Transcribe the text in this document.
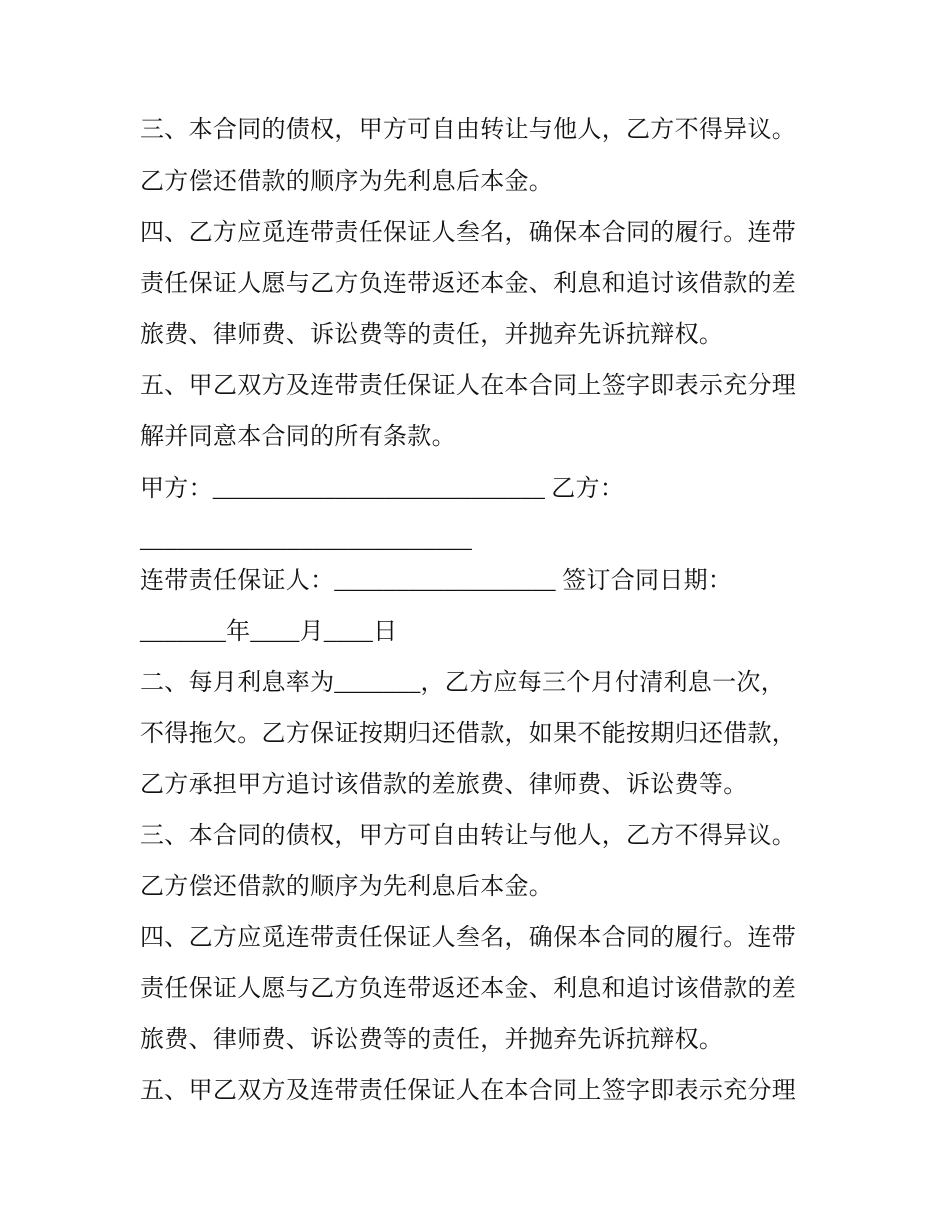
三、本合同的债权，甲方可自由转让与他人，乙方不得异议。
乙方偿还借款的顺序为先利息后本金。
四、乙方应觅连带责任保证人叁名，确保本合同的履行。连带
责任保证人愿与乙方负连带返还本金、利息和追讨该借款的差
旅费、律师费、诉讼费等的责任，并抛弃先诉抗辩权。
五、甲乙双方及连带责任保证人在本合同上签字即表示充分理
解并同意本合同的所有条款。
甲方：___________________________ 乙方：
___________________________
连带责任保证人：__________________ 签订合同日期：
_______年____月____日
二、每月利息率为_______，乙方应每三个月付清利息一次，
不得拖欠。乙方保证按期归还借款，如果不能按期归还借款，
乙方承担甲方追讨该借款的差旅费、律师费、诉讼费等。
三、本合同的债权，甲方可自由转让与他人，乙方不得异议。
乙方偿还借款的顺序为先利息后本金。
四、乙方应觅连带责任保证人叁名，确保本合同的履行。连带
责任保证人愿与乙方负连带返还本金、利息和追讨该借款的差
旅费、律师费、诉讼费等的责任，并抛弃先诉抗辩权。
五、甲乙双方及连带责任保证人在本合同上签字即表示充分理
